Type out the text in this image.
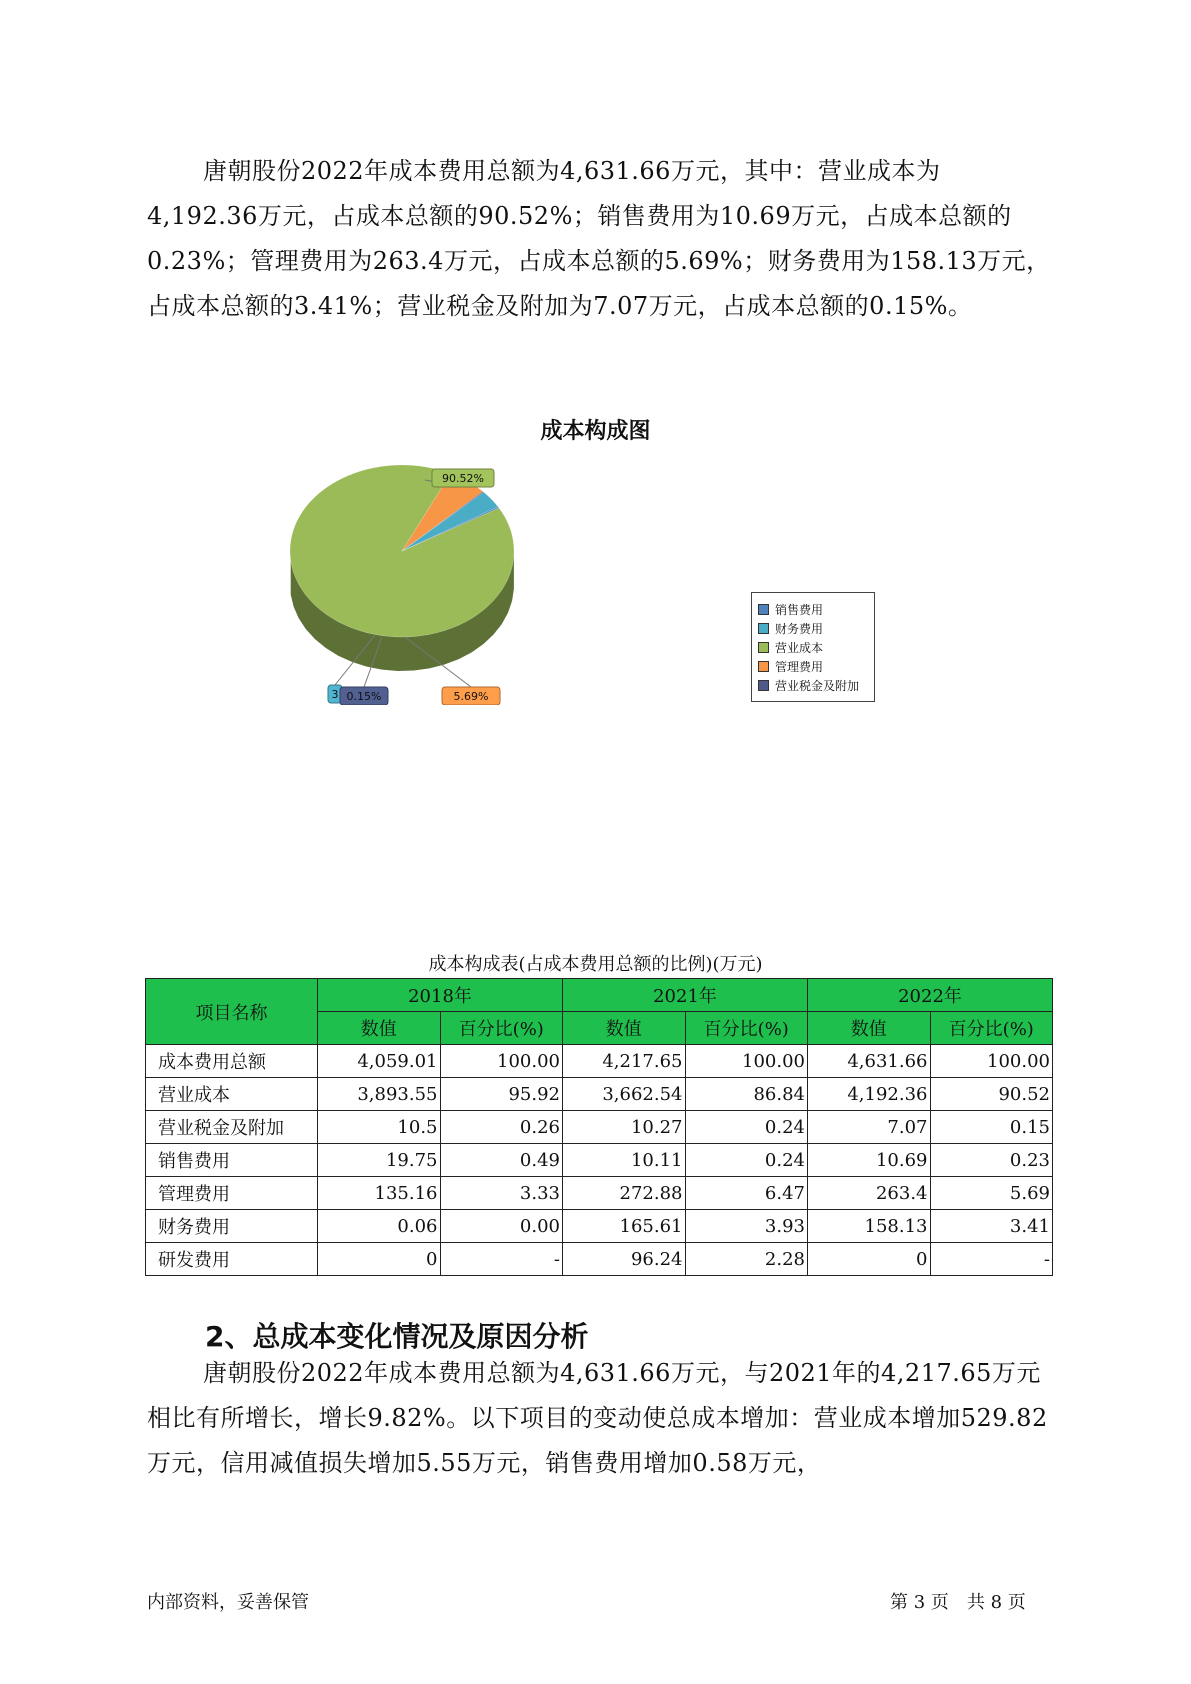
唐朝股份2022年成本费用总额为4,631.66万元，其中：营业成本为4,192.36万元，占成本总额的90.52%；销售费用为10.69万元，占成本总额的0.23%；管理费用为263.4万元，占成本总额的5.69%；财务费用为158.13万元，占成本总额的3.41%；营业税金及附加为7.07万元，占成本总额的0.15%。

成本构成图
90.52%
5.69%
3 0.15%
销售费用
财务费用
营业成本
管理费用
营业税金及附加
成本构成表(占成本费用总额的比例)(万元)
项目名称	2018年		2021年		2022年	
	数值	百分比(%)	数值	百分比(%)	数值	百分比(%)
成本费用总额	4,059.01	100.00	4,217.65	100.00	4,631.66	100.00
营业成本	3,893.55	95.92	3,662.54	86.84	4,192.36	90.52
营业税金及附加	10.5	0.26	10.27	0.24	7.07	0.15
销售费用	19.75	0.49	10.11	0.24	10.69	0.23
管理费用	135.16	3.33	272.88	6.47	263.4	5.69
财务费用	0.06	0.00	165.61	3.93	158.13	3.41
研发费用	0	-	96.24	2.28	0	-
2、总成本变化情况及原因分析

唐朝股份2022年成本费用总额为4,631.66万元，与2021年的4,217.65万元相比有所增长，增长9.82%。以下项目的变动使总成本增加：营业成本增加529.82万元，信用减值损失增加5.55万元，销售费用增加0.58万元，

内部资料，妥善保管	第 3 页　共 8 页
